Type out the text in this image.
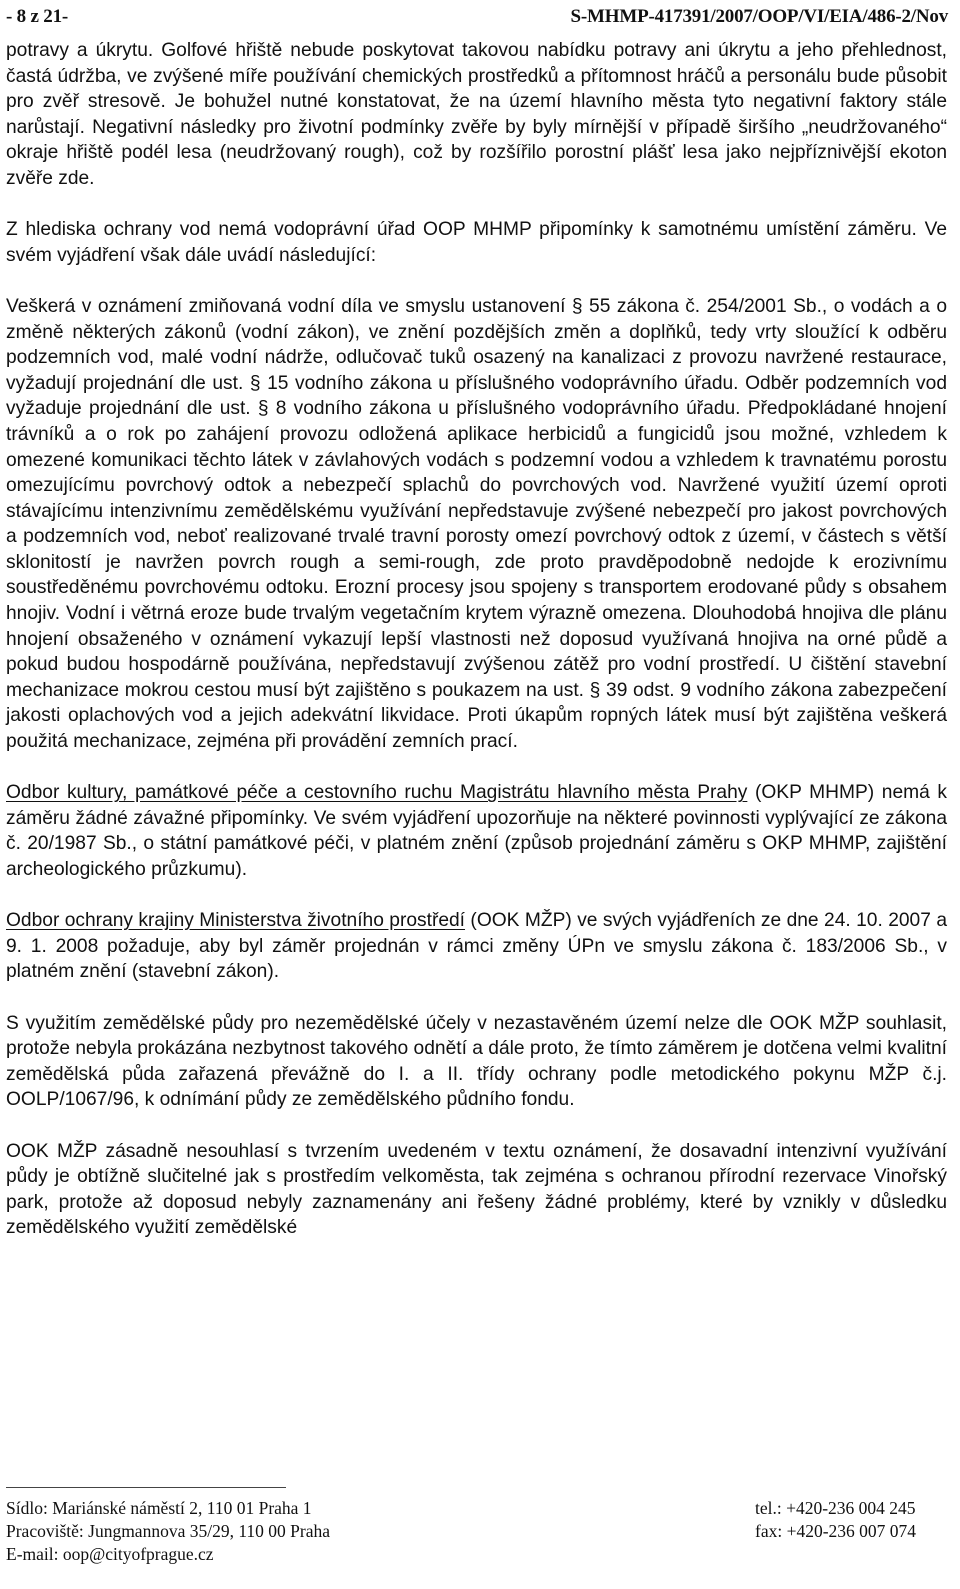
- 8 z 21-	S-MHMP-417391/2007/OOP/VI/EIA/486-2/Nov

potravy a úkrytu. Golfové hřiště nebude poskytovat takovou nabídku potravy ani úkrytu a jeho přehlednost, častá údržba, ve zvýšené míře používání chemických prostředků a přítomnost hráčů a personálu bude působit pro zvěř stresově. Je bohužel nutné konstatovat, že na území hlavního města tyto negativní faktory stále narůstají. Negativní následky pro životní podmínky zvěře by byly mírnější v případě širšího „neudržovaného“ okraje hřiště podél lesa (neudržovaný rough), což by rozšířilo porostní plášť lesa jako nejpříznivější ekoton zvěře zde.

Z hlediska ochrany vod nemá vodoprávní úřad OOP MHMP připomínky k samotnému umístění záměru. Ve svém vyjádření však dále uvádí následující:

Veškerá v oznámení zmiňovaná vodní díla ve smyslu ustanovení § 55 zákona č. 254/2001 Sb., o vodách a o změně některých zákonů (vodní zákon), ve znění pozdějších změn a doplňků, tedy vrty sloužící k odběru podzemních vod, malé vodní nádrže, odlučovač tuků osazený na kanalizaci z provozu navržené restaurace, vyžadují projednání dle ust. § 15 vodního zákona u příslušného vodoprávního úřadu. Odběr podzemních vod vyžaduje projednání dle ust. § 8 vodního zákona u příslušného vodoprávního úřadu. Předpokládané hnojení trávníků a o rok po zahájení provozu odložená aplikace herbicidů a fungicidů jsou možné, vzhledem k omezené komunikaci těchto látek v závlahových vodách s podzemní vodou a vzhledem k travnatému porostu omezujícímu povrchový odtok a nebezpečí splachů do povrchových vod. Navržené využití území oproti stávajícímu intenzivnímu zemědělskému využívání nepředstavuje zvýšené nebezpečí pro jakost povrchových a podzemních vod, neboť realizované trvalé travní porosty omezí povrchový odtok z území, v částech s větší sklonitostí je navržen povrch rough a semi-rough, zde proto pravděpodobně nedojde k erozivnímu soustředěnému povrchovému odtoku. Erozní procesy jsou spojeny s transportem erodované půdy s obsahem hnojiv. Vodní i větrná eroze bude trvalým vegetačním krytem výrazně omezena. Dlouhodobá hnojiva dle plánu hnojení obsaženého v oznámení vykazují lepší vlastnosti než doposud využívaná hnojiva na orné půdě a pokud budou hospodárně používána, nepředstavují zvýšenou zátěž pro vodní prostředí. U čištění stavební mechanizace mokrou cestou musí být zajištěno s poukazem na ust. § 39 odst. 9 vodního zákona zabezpečení jakosti oplachových vod a jejich adekvátní likvidace. Proti úkapům ropných látek musí být zajištěna veškerá použitá mechanizace, zejména při provádění zemních prací.

Odbor kultury, památkové péče a cestovního ruchu Magistrátu hlavního města Prahy (OKP MHMP) nemá k záměru žádné závažné připomínky. Ve svém vyjádření upozorňuje na některé povinnosti vyplývající ze zákona č. 20/1987 Sb., o státní památkové péči, v platném znění (způsob projednání záměru s OKP MHMP, zajištění archeologického průzkumu).

Odbor ochrany krajiny Ministerstva životního prostředí (OOK MŽP) ve svých vyjádřeních ze dne 24. 10. 2007 a 9. 1. 2008 požaduje, aby byl záměr projednán v rámci změny ÚPn ve smyslu zákona č. 183/2006 Sb., v platném znění (stavební zákon).

S využitím zemědělské půdy pro nezemědělské účely v nezastavěném území nelze dle OOK MŽP souhlasit, protože nebyla prokázána nezbytnost takového odnětí a dále proto, že tímto záměrem je dotčena velmi kvalitní zemědělská půda zařazená převážně do I. a II. třídy ochrany podle metodického pokynu MŽP č.j. OOLP/1067/96, k odnímání půdy ze zemědělského půdního fondu.

OOK MŽP zásadně nesouhlasí s tvrzením uvedeném v textu oznámení, že dosavadní intenzivní využívání půdy je obtížně slučitelné jak s prostředím velkoměsta, tak zejména s ochranou přírodní rezervace Vinořský park, protože až doposud nebyly zaznamenány ani řešeny žádné problémy, které by vznikly v důsledku zemědělského využití zemědělské

Sídlo: Mariánské náměstí 2, 110 01 Praha 1
Pracoviště: Jungmannova 35/29, 110 00 Praha
E-mail: oop@cityofprague.cz
tel.: +420-236 004 245
fax: +420-236 007 074
